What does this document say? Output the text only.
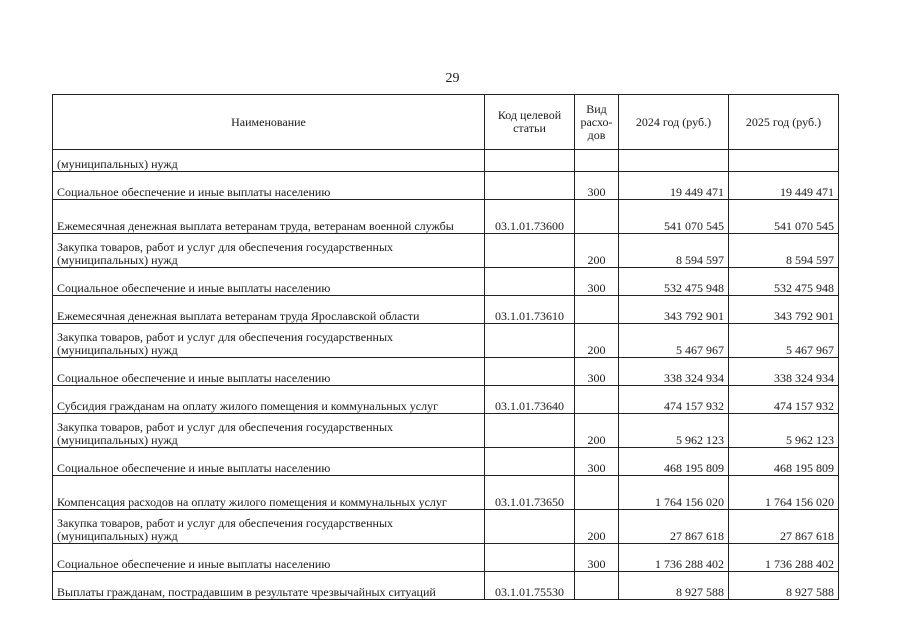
29
Наименование	Код целевой статьи	Вид расхо-дов	2024 год (руб.)	2025 год (руб.)
(муниципальных) нужд				
Социальное обеспечение и иные выплаты населению		300	19 449 471	19 449 471
Ежемесячная денежная выплата ветеранам труда, ветеранам военной службы	03.1.01.73600		541 070 545	541 070 545
Закупка товаров, работ и услуг для обеспечения государственных (муниципальных) нужд		200	8 594 597	8 594 597
Социальное обеспечение и иные выплаты населению		300	532 475 948	532 475 948
Ежемесячная денежная выплата ветеранам труда Ярославской области	03.1.01.73610		343 792 901	343 792 901
Закупка товаров, работ и услуг для обеспечения государственных (муниципальных) нужд		200	5 467 967	5 467 967
Социальное обеспечение и иные выплаты населению		300	338 324 934	338 324 934
Субсидия гражданам на оплату жилого помещения и коммунальных услуг	03.1.01.73640		474 157 932	474 157 932
Закупка товаров, работ и услуг для обеспечения государственных (муниципальных) нужд		200	5 962 123	5 962 123
Социальное обеспечение и иные выплаты населению		300	468 195 809	468 195 809
Компенсация расходов на оплату жилого помещения и коммунальных услуг	03.1.01.73650		1 764 156 020	1 764 156 020
Закупка товаров, работ и услуг для обеспечения государственных (муниципальных) нужд		200	27 867 618	27 867 618
Социальное обеспечение и иные выплаты населению		300	1 736 288 402	1 736 288 402
Выплаты гражданам, пострадавшим в результате чрезвычайных ситуаций	03.1.01.75530		8 927 588	8 927 588
